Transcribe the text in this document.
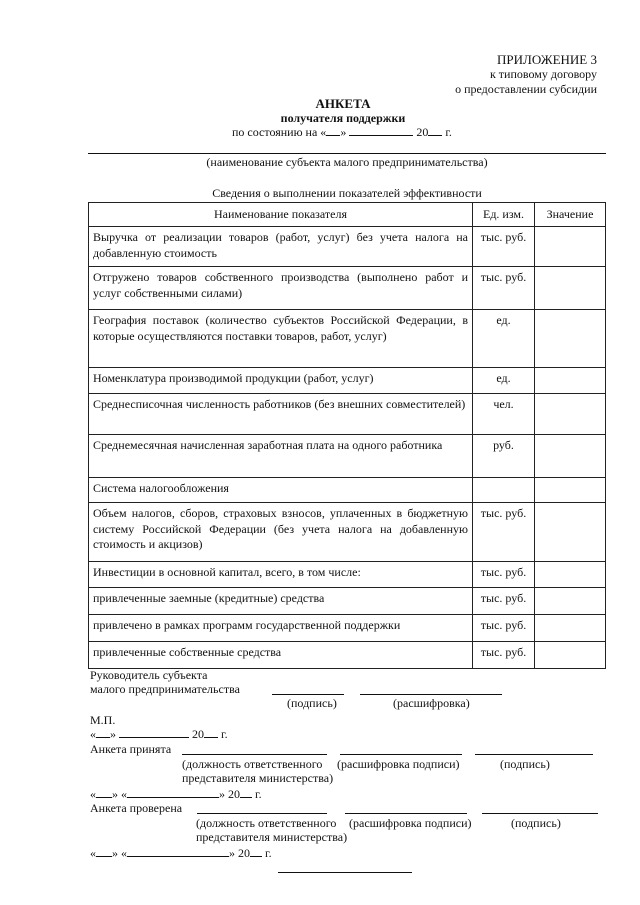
ПРИЛОЖЕНИЕ 3
к типовому договору
о предоставлении субсидии
АНКЕТА
получателя поддержки
по состоянию на « »	20 г.
(наименование субъекта малого предпринимательства)
Сведения о выполнении показателей эффективности
Наименование показателя	Ед. изм.	Значение
Выручка от реализации товаров (работ, услуг) без учета налога на добавленную стоимость	тыс. руб.	
Отгружено товаров собственного производства (выполнено работ и услуг собственными силами)	тыс. руб.	
География поставок (количество субъектов Российской Федерации, в которые осуществляются поставки товаров, работ, услуг)	ед.	
Номенклатура производимой продукции (работ, услуг)	ед.	
Среднесписочная численность работников (без внешних совместителей)	чел.	
Среднемесячная начисленная заработная плата на одного работника	руб.	
Система налогообложения		
Объем налогов, сборов, страховых взносов, уплаченных в бюджетную систему Российской Федерации (без учета налога на добавленную стоимость и акцизов)	тыс. руб.	
Инвестиции в основной капитал, всего, в том числе:	тыс. руб.	
привлеченные заемные (кредитные) средства	тыс. руб.	
привлечено в рамках программ государственной поддержки	тыс. руб.	
привлеченные собственные средства	тыс. руб.	
Руководитель субъекта
малого предпринимательства
(подпись)	(расшифровка)
М.П.
« »	20 г.
Анкета принята
(должность ответственного (расшифровка подписи)	(подпись)
представителя министерства)
« » «	» 20 г.
Анкета проверена
(должность ответственного (расшифровка подписи)	(подпись)
представителя министерства)
« » «	» 20 г.
